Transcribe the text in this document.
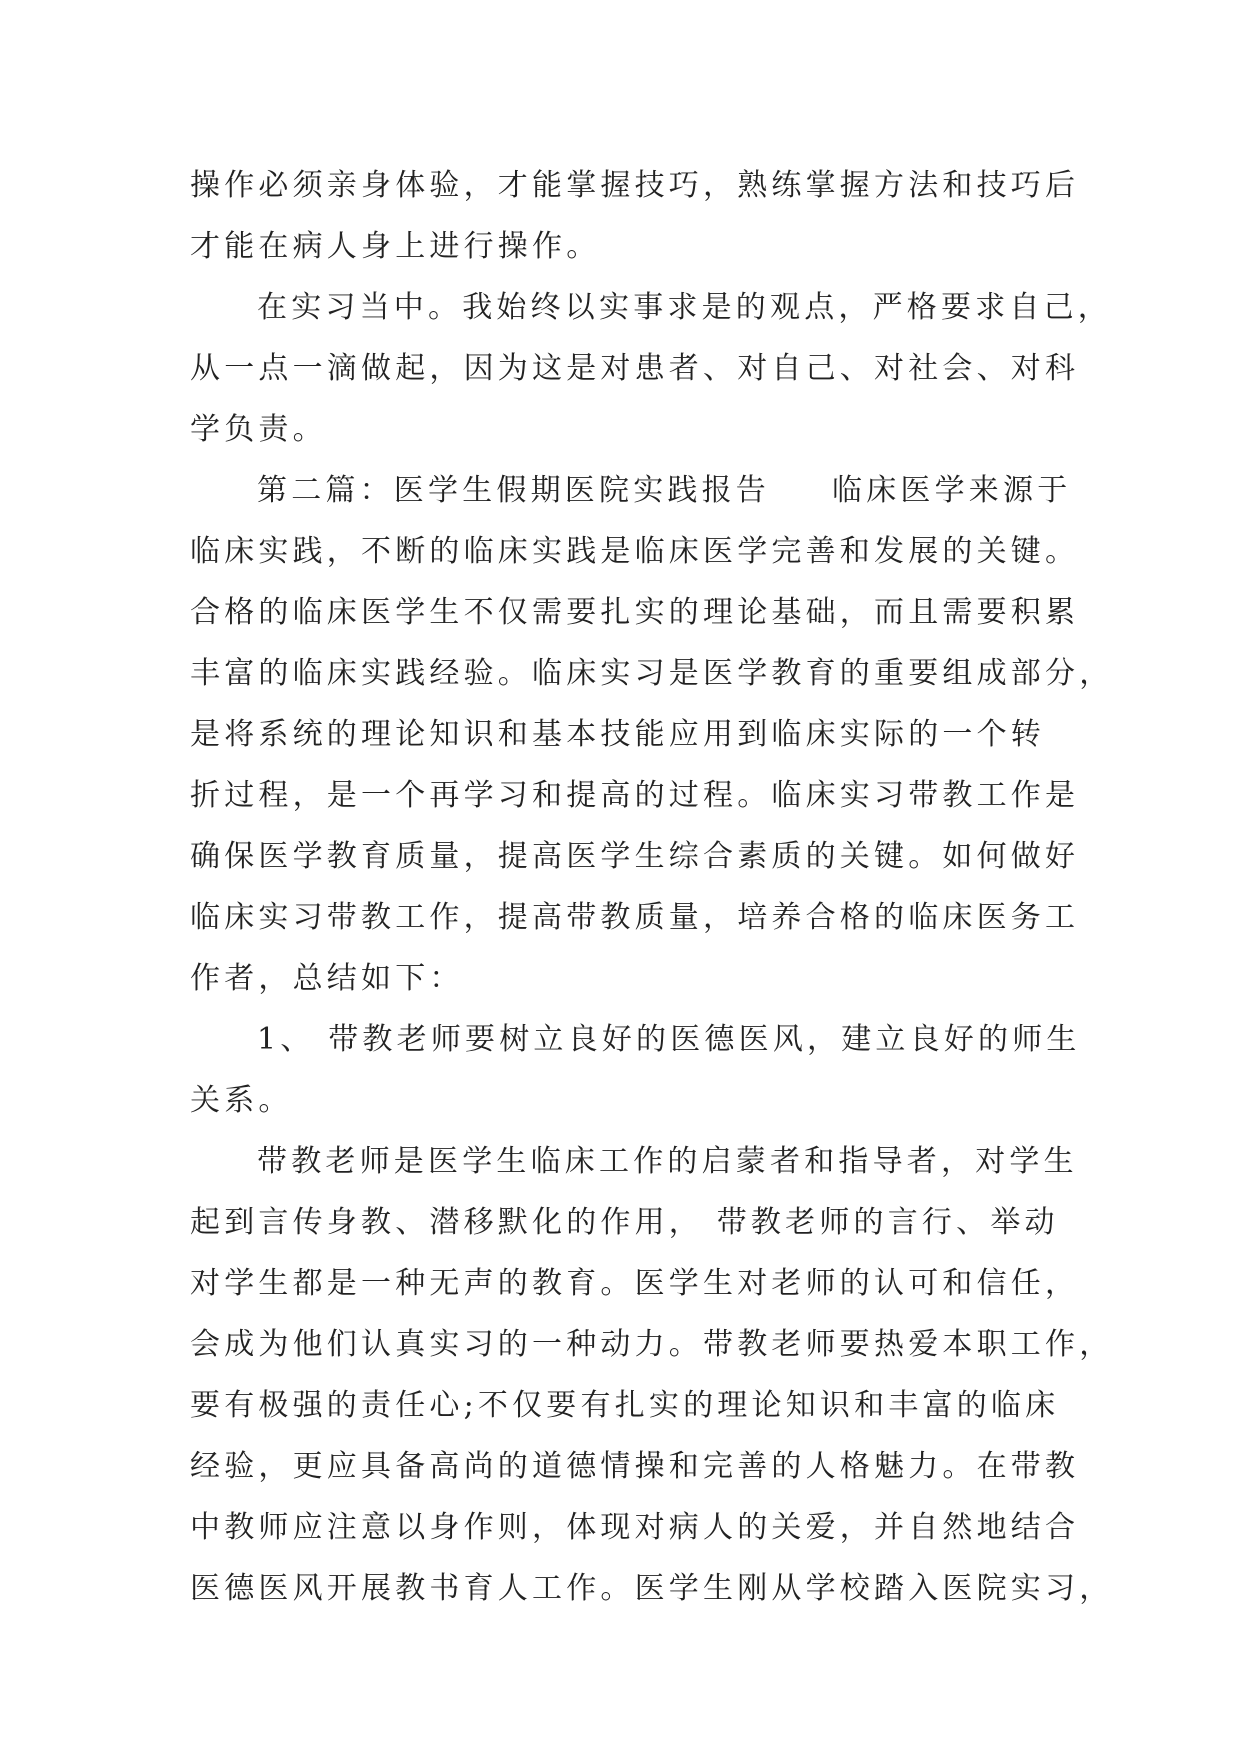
操作必须亲身体验，才能掌握技巧，熟练掌握方法和技巧后
才能在病人身上进行操作。
在实习当中。我始终以实事求是的观点，严格要求自己，
从一点一滴做起，因为这是对患者、对自己、对社会、对科
学负责。
第二篇：医学生假期医院实践报告 临床医学来源于
临床实践，不断的临床实践是临床医学完善和发展的关键。
合格的临床医学生不仅需要扎实的理论基础，而且需要积累
丰富的临床实践经验。临床实习是医学教育的重要组成部分，
是将系统的理论知识和基本技能应用到临床实际的一个转
折过程，是一个再学习和提高的过程。临床实习带教工作是
确保医学教育质量，提高医学生综合素质的关键。如何做好
临床实习带教工作，提高带教质量，培养合格的临床医务工
作者，总结如下：
1、 带教老师要树立良好的医德医风，建立良好的师生
关系。
带教老师是医学生临床工作的启蒙者和指导者，对学生
起到言传身教、潜移默化的作用， 带教老师的言行、举动
对学生都是一种无声的教育。医学生对老师的认可和信任，
会成为他们认真实习的一种动力。带教老师要热爱本职工作，
要有极强的责任心;不仅要有扎实的理论知识和丰富的临床
经验，更应具备高尚的道德情操和完善的人格魅力。在带教
中教师应注意以身作则，体现对病人的关爱，并自然地结合
医德医风开展教书育人工作。医学生刚从学校踏入医院实习，
